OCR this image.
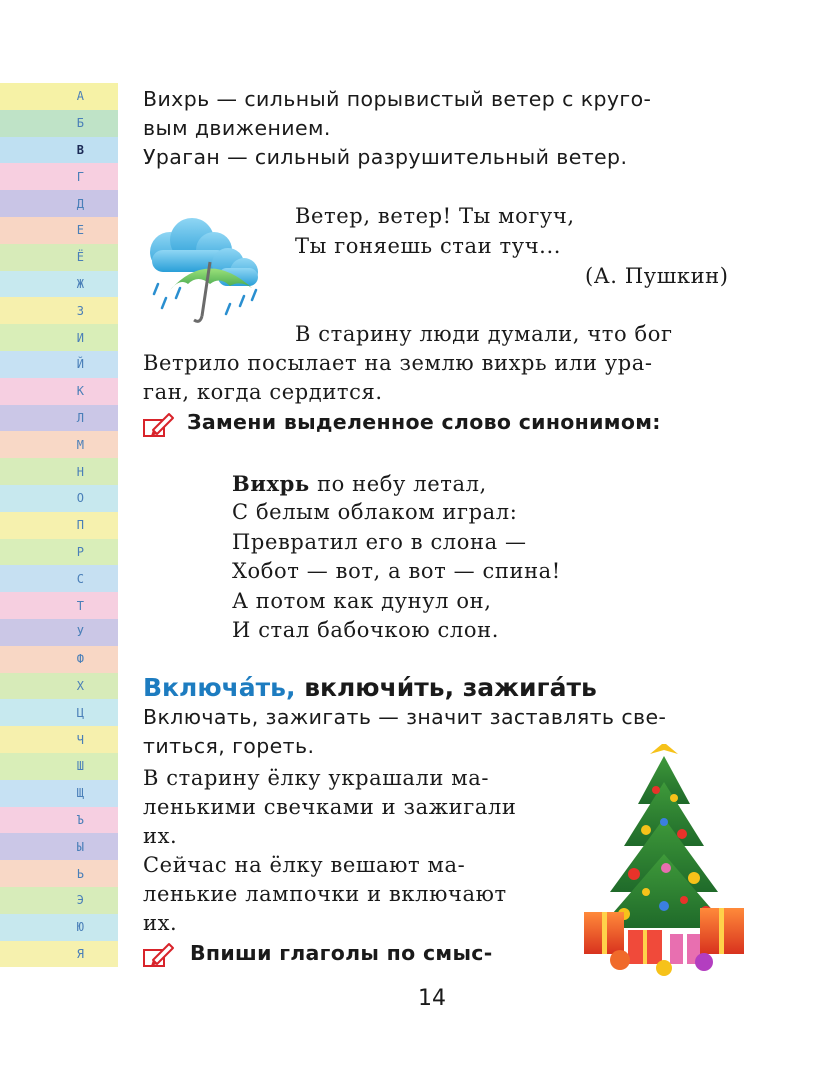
А
Б
В
Г
Д
Е
Ё
Ж
З
И
Й
К
Л
М
Н
О
П
Р
С
Т
У
Ф
Х
Ц
Ч
Ш
Щ
Ъ
Ы
Ь
Э
Ю
Я
Вихрь — сильный порывистый ветер с круго-
вым движением.
Ураган — сильный разрушительный ветер.
Ветер, ветер! Ты могуч,
Ты гоняешь стаи туч...
(А. Пушкин)
В старину люди думали, что бог
Ветрило посылает на землю вихрь или ура-
ган, когда сердится.
Замени выделенное слово синонимом:
Вихрь по небу летал,
С белым облаком играл:
Превратил его в слона —
Хобот — вот, а вот — спина!
А потом как дунул он,
И стал бабочкою слон.
Включа́ть, включи́ть, зажига́ть
Включать, зажигать — значит заставлять све-
титься, гореть.
В старину ёлку украшали ма-
ленькими свечками и зажигали
их.
Сейчас на ёлку вешают ма-
ленькие лампочки и включают
их.
Впиши глаголы по смыс-
14
